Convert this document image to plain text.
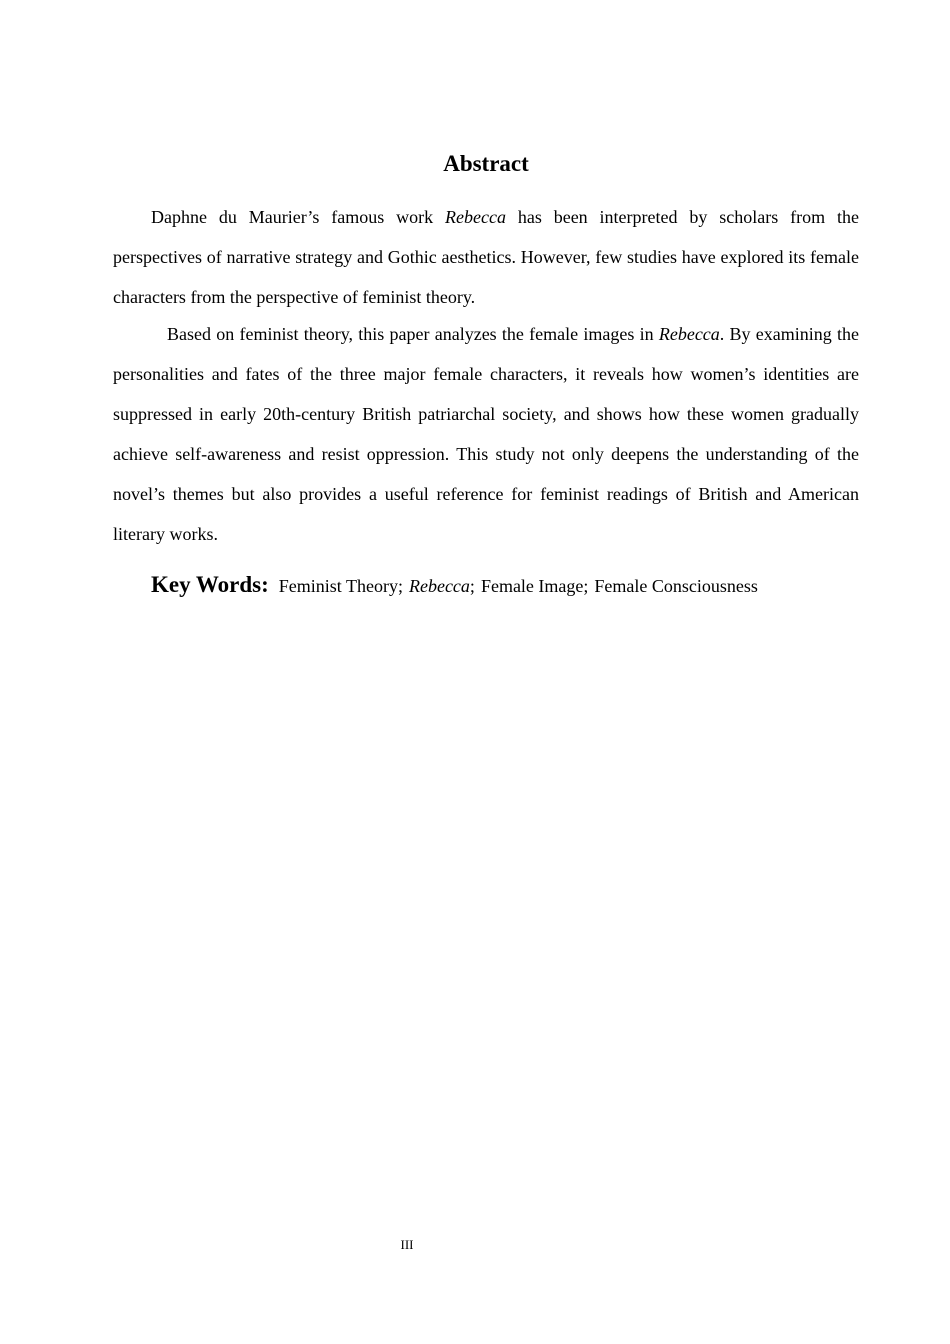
Abstract

Daphne du Maurier’s famous work Rebecca has been interpreted by scholars from the perspectives of narrative strategy and Gothic aesthetics. However, few studies have explored its female characters from the perspective of feminist theory.

Based on feminist theory, this paper analyzes the female images in Rebecca. By examining the personalities and fates of the three major female characters, it reveals how women’s identities are suppressed in early 20th-century British patriarchal society, and shows how these women gradually achieve self-awareness and resist oppression. This study not only deepens the understanding of the novel’s themes but also provides a useful reference for feminist readings of British and American literary works.

Key Words: Feminist Theory; Rebecca; Female Image; Female Consciousness

III
